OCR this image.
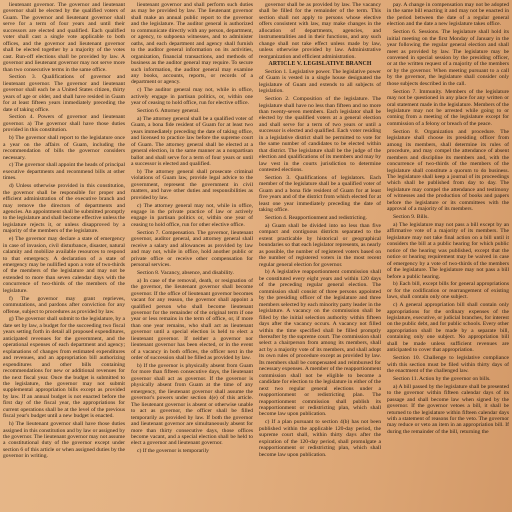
lieutenant governor. The governor and lieutenant governor shall be elected by the qualified voters of Guam. The governor and lieutenant governor shall serve for a term of four years and until their successors are elected and qualified. Each qualified voter shall cast a single vote applicable to both offices, and the governor and lieutenant governor shall be elected together by a majority of the votes cast. Run-off elections shall be provided by law. A governor and lieutenant governor may not serve more than two consecutive terms in the same office.

Section 3. Qualifications of governor and lieutenant governor. The governor and lieutenant governor shall each be a United States citizen, thirty years of age or older, and shall have resided in Guam for at least fifteen years immediately preceding the date of taking office.

Section 4. Powers of governor and lieutenant governor. a) The governor shall have those duties provided in this constitution.

b) The governor shall report to the legislature once a year on the affairs of Guam, including the recommendation of bills the governor considers necessary.

c) The governor shall appoint the heads of principal executive departments and recommend bills at other times.

d) Unless otherwise provided in this constitution, the governor shall be responsible for proper and efficient administration of the executive branch and may remove the directors of departments and agencies. An appointment shall be submitted promptly to the legislature and shall become effective unless the legislature rejects it, or unless disapproved by a majority of the members of the legislature.

e) The governor may declare a state of emergency in case of invasion, civil disturbance, disaster, natural calamity and mobilize available resources to respond to that emergency. A declaration of a state of emergency may be nullified upon a vote of two-thirds of the members of the legislature and may not be extended to more than seven calendar days with the concurrence of two-thirds of the members of the legislature.

f) The governor may grant reprieves, commutations, and pardons after conviction for any offense, subject to procedures as provided by law.

g) The governor shall submit to the legislature, by a date set by law, a budget for the succeeding two fiscal years setting forth in detail all proposed expenditures, anticipated revenues for the government, and the operational expenses of each department and agency; explanations of changes from estimated expenditures and revenues, and an appropriation bill authorizing expenditures and other bills containing recommendations for new or additional revenues for the next fiscal year. Once the budget is submitted to the legislature, the governor may not submit supplemental appropriation bills except as provided by law. If an annual budget is not enacted before the first day of the fiscal year, the appropriations for current operations shall be at the level of the previous fiscal year's budget until a new budget is enacted.

h) The lieutenant governor shall have those duties assigned in this constitution and by law or assigned by the governor. The lieutenant governor may not assume a constitutional duty of the governor except under section 6 of this article or when assigned duties by the governor in writing.

lieutenant governor and shall perform such duties as may be provided by law. The lieutenant governor shall make an annual public report to the governor and the legislature. The auditor general is authorized to communicate directly with any person, department, or agency, to subpoena witnesses, and to administer oaths, and each department and agency shall furnish to the auditor general information on its activities, organization, financial transactions, and methods of business as the auditor general may require. To secure such information, the auditor general may examine any books, accounts, reports, or records of a department or agency.

c) The auditor general may not, while in office, actively engage in partisan politics, or, within one year of ceasing to hold office, run for elective office.

Section 6. Attorney general.

a) The attorney general shall be a qualified voter of Guam, a bona fide resident of Guam for at least two years immediately preceding the date of taking office, and licensed to practice law before the supreme court of Guam. The attorney general shall be elected at a general election, in the same manner as a nonpartisan ballot and shall serve for a term of four years or until a successor is elected and qualified.

b) The attorney general shall prosecute criminal violations of Guam law, provide legal advice to the government, represent the government in civil matters, and have other duties and responsibilities as provided by law.

c) The attorney general may not, while in office, engage in the private practice of law or actively engage in partisan politics or, within one year of ceasing to hold office, run for other elective office.

Section 7. Compensation. The governor, lieutenant governor, auditor general, and attorney general shall receive a salary and allowances as provided by law and may not, while in office, hold another public or private office or receive other compensation for personal services.

Section 8. Vacancy, absence, and disability.

a) In case of the removal, death, or resignation of the governor, the lieutenant governor shall become governor. If the office of lieutenant governor becomes vacant for any reason, the governor shall appoint a qualified person who shall become lieutenant governor for the remainder of the original term if one year or less remains in the term of office, or, if more than one year remains, who shall act as lieutenant governor until a special election is held to elect a lieutenant governor. If neither a governor nor lieutenant governor has been elected, or in the event of a vacancy in both offices, the officer next in the order of succession shall be filled as provided by law.

b) If the governor is physically absent from Guam for more than fifteen consecutive days, the lieutenant governor shall act as governor. If the governor is physically absent from Guam at the time of any emergency, the lieutenant governor shall assume the governor's powers under section 4(e) of this article. The lieutenant governor is absent or otherwise unable to act as governor, the officer shall be filled temporarily as provided by law. If both the governor and lieutenant governor are simultaneously absent for more than thirty consecutive days, those offices become vacant, and a special election shall be held to elect a governor and lieutenant governor.

c) If the governor is temporarily

governor shall be as provided by law. The vacancy shall be filled for the remainder of the term. This section shall not apply to persons whose elective offers consistent with law, may make changes in the allocation of departments, agencies, and instrumentalities and in their functions, and any such change shall not take effect unless made by law, unless otherwise provided by law. Administrative reorganization and efficient administration.

ARTICLE V. LEGISLATIVE BRANCH

Section 1. Legislative power. The legislative power of Guam is vested in a single house designated the legislature of Guam and extends to all subjects of legislation.

Section 2. Composition of the legislature. The legislature shall have no less than fifteen and no more than twenty-seven members. Each legislator shall be elected by the qualified voters at a general election and shall serve for a term of two years or until a successor is elected and qualified. Each voter residing in a legislative district shall be permitted to vote for the same number of candidates to be elected within that district. The legislature shall be the judge of the election and qualifications of its members and may by law vest in the courts jurisdiction to determine contested elections.

Section 3. Qualifications of legislators. Each member of the legislature shall be a qualified voter of Guam and a bona fide resident of Guam for at least five years and of the district from which elected for at least one year immediately preceding the date of taking office.

Section 4. Reapportionment and redistricting.

a) Guam shall be divided into no less than five compact and contiguous districts separated to the extent practicable by historical or geographical boundaries so that each legislator represents, as nearly as possible, the number of registered voters based on the number of registered voters in the most recent regular general election for governor.

b) A legislative reapportionment commission shall be constituted every eight years and within 120 days of the preceding regular general election. The commission shall consist of three persons appointed by the presiding officer of the legislature and three members selected by each minority party leader in the legislature. A vacancy on the commission shall be filled by the initial selection authority within fifteen days after the vacancy occurs. A vacancy not filled within the time specified shall be filled promptly thereafter by the supreme court. The commission shall select a chairperson from among its members, shall act by a majority vote of its members, and shall adopt its own rules of procedure except as provided by law. Its members shall be compensated and reimbursed for necessary expenses. A member of the reapportionment commission shall not be eligible to become a candidate for election to the legislature in either of the next two regular general elections under a reapportionment or redistricting plan. The reapportionment commission shall publish its reapportionment or redistricting plan, which shall become law upon publication.

c) If a plan pursuant to section 4(b) has not been published within the applicable 120-day period, the supreme court shall, within thirty days after the expiration of the 120-day period, shall promulgate a reapportionment or redistricting plan, which shall become law upon publication.

pay. A change in compensation may not be adopted in the same bill enacting it and may not be enacted in the period between the date of a regular general election and the date a new legislature takes office.

Section 6. Sessions. The legislature shall hold its initial meeting on the first Monday of January in the year following the regular general election and shall meet as provided by law. The legislature may be convened in special session by the presiding officer, or at the written request of a majority of the members or by the governor. When meeting pursuant to a call by the governor, the legislature shall consider only those subjects described in the call.

Section 7. Immunity. Members of the legislature may not be questioned in any place for any written or oral statement made in the legislature. Members of the legislature may not be arrested while going to or coming from a meeting of the legislature except for commission of a felony or breach of the peace.

Section 8. Organization and procedure. The legislature shall choose its presiding officer from among its members, shall determine its rules of procedure, and may compel the attendance of absent members and discipline its members and, with the concurrence of two-thirds of the members of the legislature shall constitute a quorum to do business. The legislature shall keep a journal of its proceedings which shall be published from day to day. The legislature may compel the attendance and testimony of witnesses and the production of books and papers before the legislature or its committees with the approval of a majority of its members.

Section 9. Bills.

a) The legislature may not pass a bill except by an affirmative vote of a majority of its members. The legislature may not take final action on a bill until it considers the bill at a public hearing for which public notice of the hearing was published, except that the notice or hearing requirement may be waived in case of emergency by a vote of two-thirds of the members of the legislature. The legislature may not pass a bill before a public hearing.

b) Each bill, except bills for general appropriations or for the codification or rearrangement of existing laws, shall contain only one subject.

c) A general appropriation bill shall contain only appropriations for the ordinary expenses of the legislature, executive, or judicial branches, for interest on the public debt, and for public schools. Every other appropriation shall be made by a separate bill, containing only one subject. No appropriation bill shall be made unless sufficient revenues are anticipated to cover that appropriation.

Section 10. Challenge to legislative compliance with this section must be filed within thirty days of the enactment of the challenged law.

Section 11. Action by the governor on bills.

a) A bill passed by the legislature shall be presented to the governor within fifteen calendar days of its passage and shall become law when signed by the governor. If the governor vetoes a bill, it shall be returned to the legislature within fifteen calendar days with a statement of reasons for the veto. The governor may reduce or veto an item in an appropriation bill. If during the remainder of the bill, returning the
